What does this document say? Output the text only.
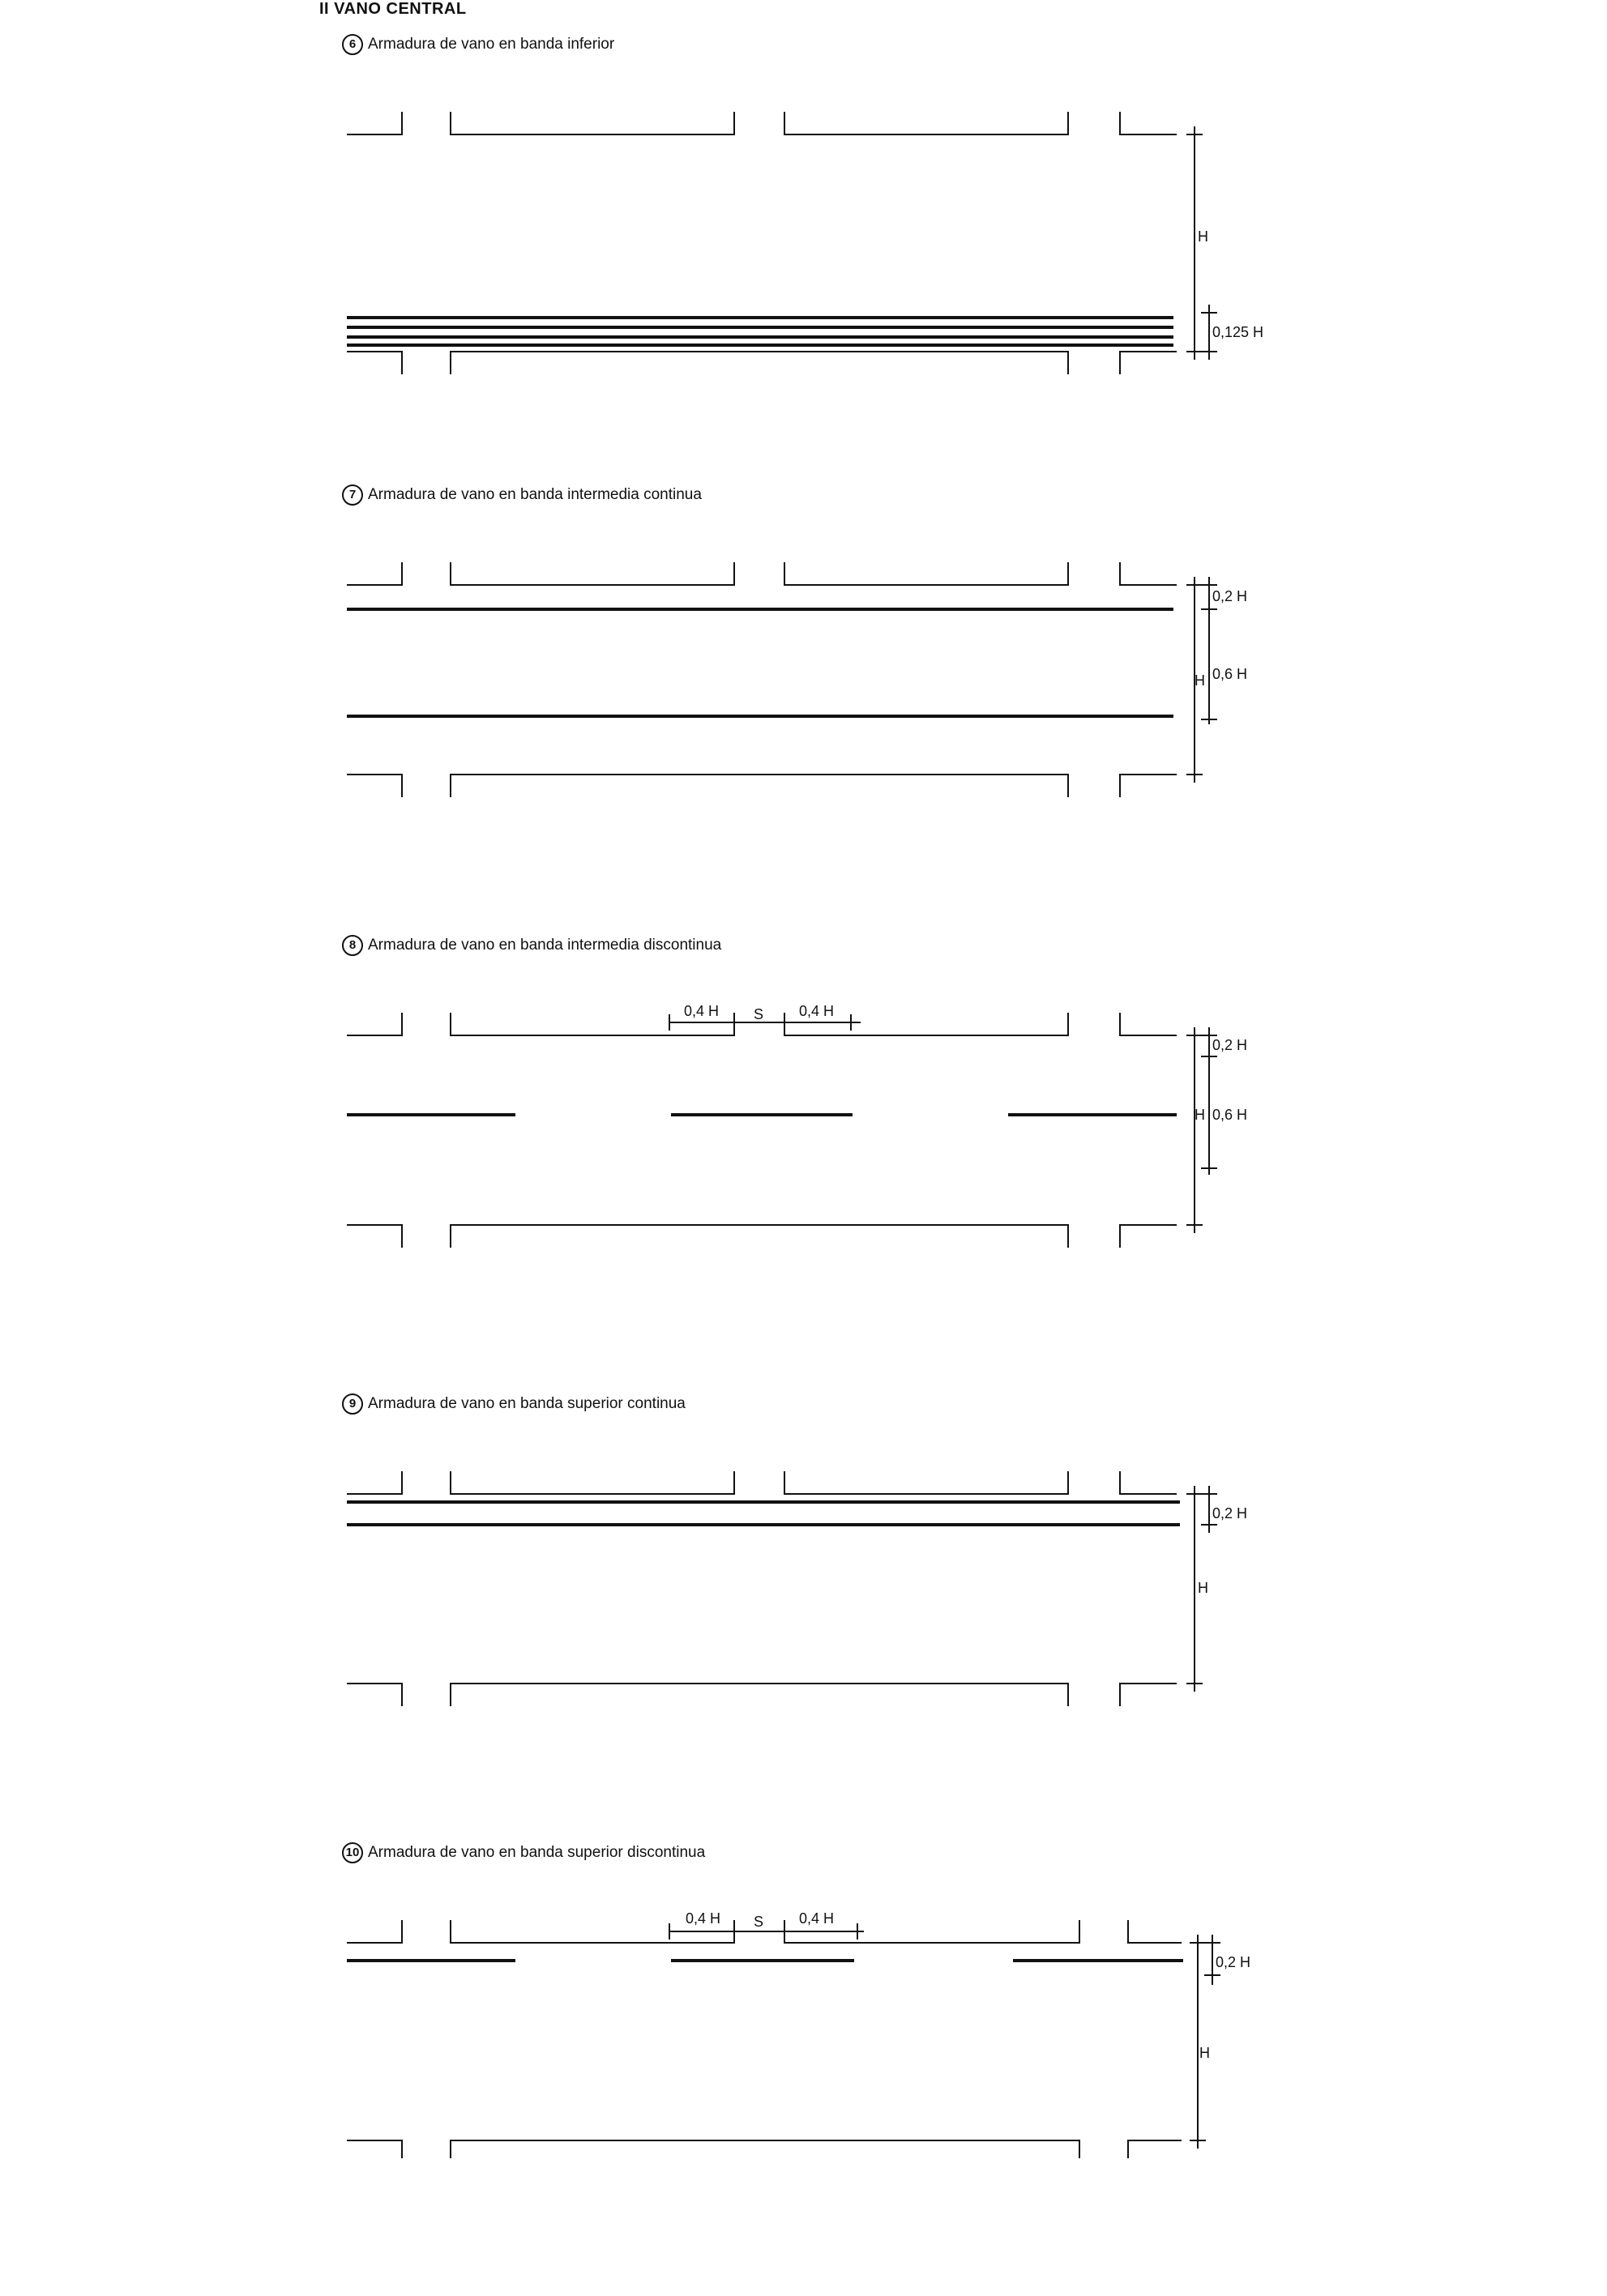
II VANO CENTRAL
6 Armadura de vano en banda inferior
H
0,125 H
7 Armadura de vano en banda intermedia continua
0,2 H
0,6 H
H
8 Armadura de vano en banda intermedia discontinua
0,4 H S 0,4 H
0,2 H
0,6 H
H
9 Armadura de vano en banda superior continua
0,2 H
H
10 Armadura de vano en banda superior discontinua
0,4 H S 0,4 H
0,2 H
H
